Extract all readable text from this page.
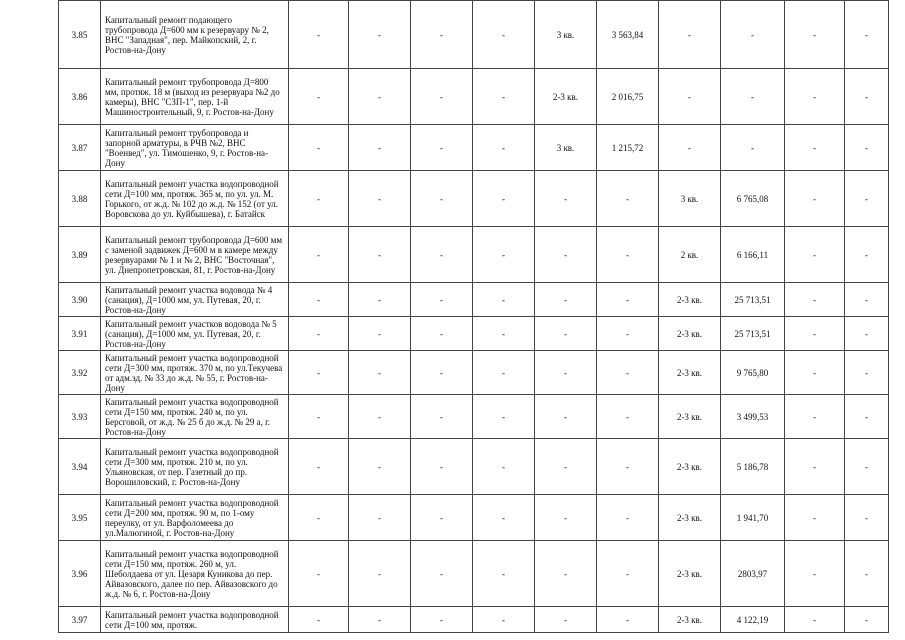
3.85	Капитальный ремонт подающего трубопровода Д=600 мм к резервуару № 2, ВНС "Западная", пер. Майкопский, 2, г. Ростов-на-Дону	-	-	-	-	3 кв.	3 563,84	-	-	-	-
3.86	Капитальный ремонт трубопровода Д=800 мм, протяж. 18 м (выход из резервуара №2 до камеры), ВНС "СЗП-1", пер. 1-й Машиностроительный, 9, г. Ростов-на-Дону	-	-	-	-	2-3 кв.	2 016,75	-	-	-	-
3.87	Капитальный ремонт трубопровода и запорной арматуры, в РЧВ №2, ВНС "Военвед", ул. Тимошенко, 9, г. Ростов-на-Дону	-	-	-	-	3 кв.	1 215,72	-	-	-	-
3.88	Капитальный ремонт участка водопроводной сети Д=100 мм, протяж. 365 м, по ул. ул. М. Горького, от ж.д. № 102 до ж.д. № 152 (от ул. Воровскова до ул. Куйбышева), г. Батайск	-	-	-	-	-	-	3 кв.	6 765,08	-	-
3.89	Капитальный ремонт трубопровода Д=600 мм с заменой задвижек Д=600 м в камере между резервуарами № 1 и № 2, ВНС "Восточная", ул. Днепропетровская, 81, г. Ростов-на-Дону	-	-	-	-	-	-	2 кв.	6 166,11	-	-
3.90	Капитальный ремонт участка водовода № 4 (санация), Д=1000 мм, ул. Путевая, 20, г. Ростов-на-Дону	-	-	-	-	-	-	2-3 кв.	25 713,51	-	-
3.91	Капитальный ремонт участков водовода № 5 (санация), Д=1000 мм, ул. Путевая, 20, г. Ростов-на-Дону	-	-	-	-	-	-	2-3 кв.	25 713,51	-	-
3.92	Капитальный ремонт участка водопроводной сети Д=300 мм, протяж. 370 м, по ул.Текучева от адм.зд. № 33 до ж.д. № 55, г. Ростов-на-Дону	-	-	-	-	-	-	2-3 кв.	9 765,80	-	-
3.93	Капитальный ремонт участка водопроводной сети Д=150 мм, протяж. 240 м, по ул. Берсговой, от ж.д. № 25 б до ж.д. № 29 а, г. Ростов-на-Дону	-	-	-	-	-	-	2-3 кв.	3 499,53	-	-
3.94	Капитальный ремонт участка водопроводной сети Д=300 мм, протяж. 210 м, по ул. Ульяновская, от пер. Газетный до пр. Ворошиловский, г. Ростов-на-Дону	-	-	-	-	-	-	2-3 кв.	5 186,78	-	-
3.95	Капитальный ремонт участка водопроводной сети Д=200 мм, протяж. 90 м, по 1-ому переулку, от ул. Варфоломеева до ул.Малюгиной, г. Ростов-на-Дону	-	-	-	-	-	-	2-3 кв.	1 941,70	-	-
3.96	Капитальный ремонт участка водопроводной сети Д=150 мм, протяж. 260 м, ул. Шеболдаева от ул. Цезаря Куникова до пер. Айвазовского, далее по пер. Айвазовского до ж.д. № 6, г. Ростов-на-Дону	-	-	-	-	-	-	2-3 кв.	2803,97	-	-
3.97	Капитальный ремонт участка водопроводной сети Д=100 мм, протяж.	-	-	-	-	-	-	2-3 кв.	4 122,19	-	-
